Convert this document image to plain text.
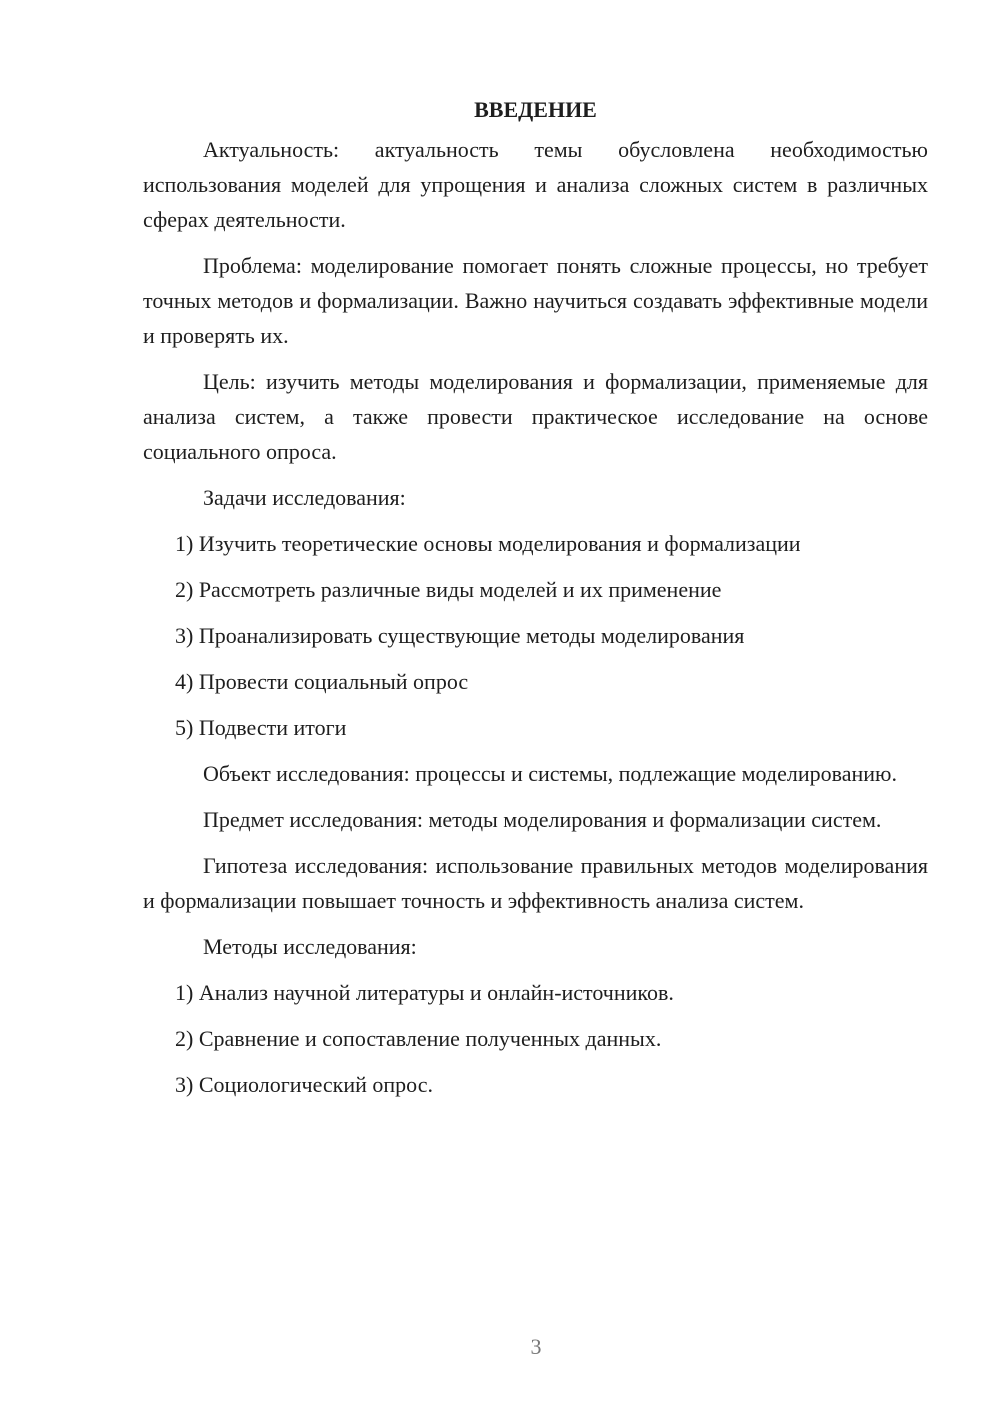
ВВЕДЕНИЕ

Актуальность: актуальность темы обусловлена необходимостью использования моделей для упрощения и анализа сложных систем в различных сферах деятельности.

Проблема: моделирование помогает понять сложные процессы, но требует точных методов и формализации. Важно научиться создавать эффективные модели и проверять их.

Цель: изучить методы моделирования и формализации, применяемые для анализа систем, а также провести практическое исследование на основе социального опроса.

Задачи исследования:

1) Изучить теоретические основы моделирования и формализации

2) Рассмотреть различные виды моделей и их применение

3) Проанализировать существующие методы моделирования

4) Провести социальный опрос

5) Подвести итоги

Объект исследования: процессы и системы, подлежащие моделированию.

Предмет исследования: методы моделирования и формализации систем.

Гипотеза исследования: использование правильных методов моделирования и формализации повышает точность и эффективность анализа систем.

Методы исследования:

1) Анализ научной литературы и онлайн-источников.

2) Сравнение и сопоставление полученных данных.

3) Социологический опрос.

3
